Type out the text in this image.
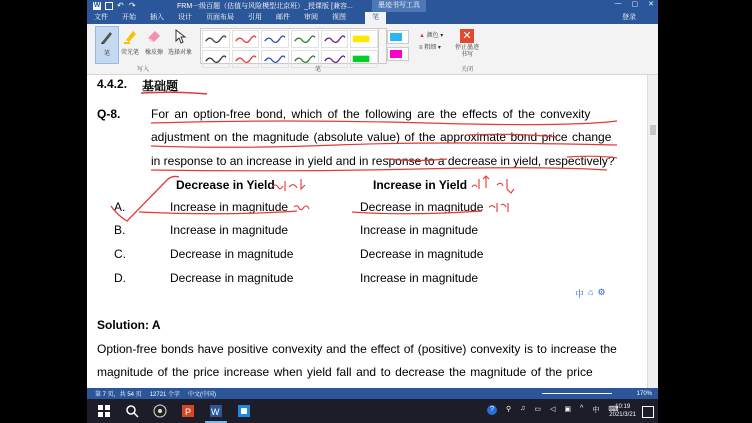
W ↶ ↷	FRM一级百题（估值与风险模型北京班）_授课版 [兼容...	墨迹书写工具	— ▢ ✕
文件	开始	插入	设计	页面布局	引用	邮件	审阅	视图	笔	登录
笔	荧光笔 橡皮擦 选择对象
写入	笔
▲ 颜色 ▾
≡ 粗细 ▾
✕
停止墨迹书写
关闭
4.4.2. 基础题
Q-8.	For an option-free bond, which of the following are the effects of the convexity
adjustment on the magnitude (absolute value) of the approximate bond price change
in response to an increase in yield and in response to a decrease in yield, respectively?
Decrease in Yield	Increase in Yield
A.	Increase in magnitude	Decrease in magnitude
B.	Increase in magnitude	Increase in magnitude
C.	Decrease in magnitude	Decrease in magnitude
D.	Decrease in magnitude	Increase in magnitude
Solution: A
Option-free bonds have positive convexity and the effect of (positive) convexity is to increase the
magnitude of the price increase when yield fall and to decrease the magnitude of the price
中 ⌂ ⚙
第 7 页，共 54 页 12721 个字 中文(中国)	170%
P W	?	⚲ ♫ ▭ ◁ ▣ ^ 中 ⌨
10:19
2021/3/21
